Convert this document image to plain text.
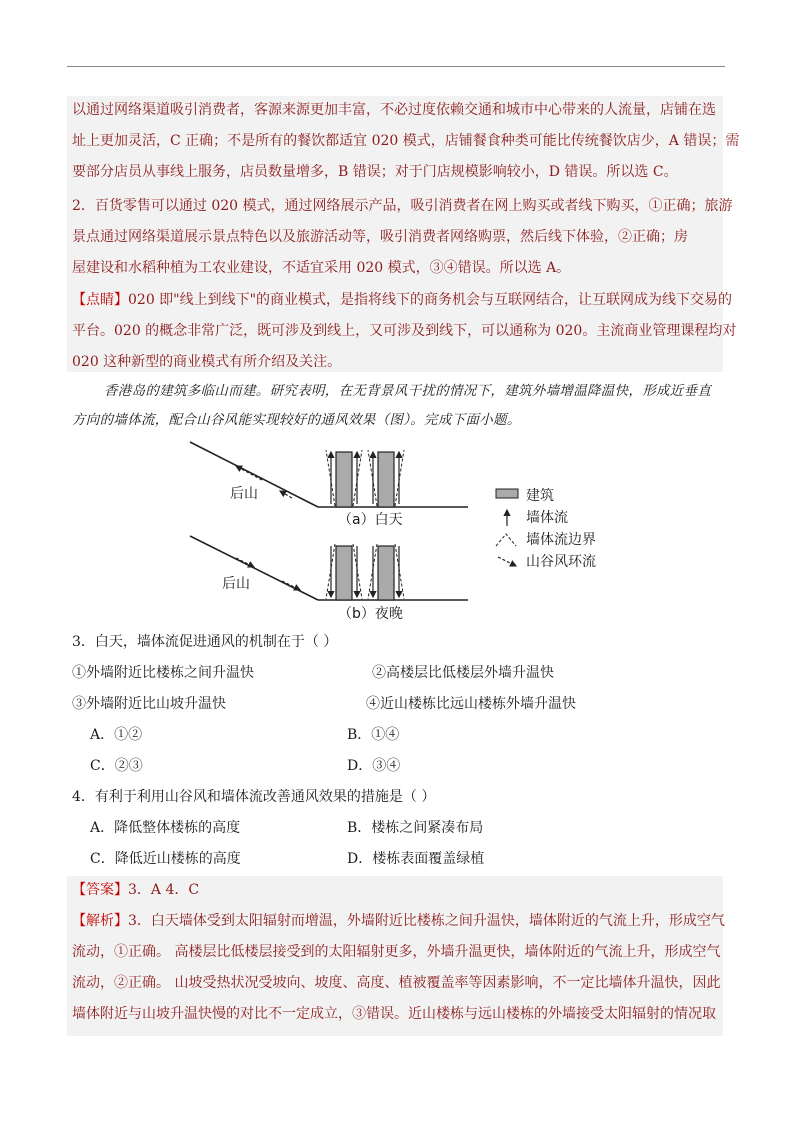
以通过网络渠道吸引消费者，客源来源更加丰富，不必过度依赖交通和城市中心带来的人流量，店铺在选
址上更加灵活，C 正确；不是所有的餐饮都适宜 020 模式，店铺餐食种类可能比传统餐饮店少，A 错误；需
要部分店员从事线上服务，店员数量增多，B 错误；对于门店规模影响较小，D 错误。所以选 C。
2．百货零售可以通过 020 模式，通过网络展示产品，吸引消费者在网上购买或者线下购买，①正确；旅游
景点通过网络渠道展示景点特色以及旅游活动等，吸引消费者网络购票，然后线下体验，②正确；房
屋建设和水稻种植为工农业建设，不适宜采用 020 模式，③④错误。所以选 A。
【点睛】020 即"线上到线下"的商业模式，是指将线下的商务机会与互联网结合，让互联网成为线下交易的
平台。020 的概念非常广泛，既可涉及到线上，又可涉及到线下，可以通称为 020。主流商业管理课程均对
020 这种新型的商业模式有所介绍及关注。
香港岛的建筑多临山而建。研究表明，在无背景风干扰的情况下，建筑外墙增温降温快，形成近垂直
方向的墙体流，配合山谷风能实现较好的通风效果（图）。完成下面小题。
后山
（a）白天
后山
（b）夜晚
建筑
墙体流
墙体流边界
山谷风环流
3．白天，墙体流促进通风的机制在于（ ）
①外墙附近比楼栋之间升温快	②高楼层比低楼层外墙升温快
③外墙附近比山坡升温快	④近山楼栋比远山楼栋外墙升温快
A．①②	B．①④
C．②③	D．③④
4．有利于利用山谷风和墙体流改善通风效果的措施是（ ）
A．降低整体楼栋的高度	B．楼栋之间紧凑布局
C．降低近山楼栋的高度	D．楼栋表面覆盖绿植
【答案】3．A 4．C
【解析】3．白天墙体受到太阳辐射而增温，外墙附近比楼栋之间升温快，墙体附近的气流上升，形成空气
流动，①正确。 高楼层比低楼层接受到的太阳辐射更多，外墙升温更快，墙体附近的气流上升，形成空气
流动，②正确。 山坡受热状况受坡向、坡度、高度、植被覆盖率等因素影响，不一定比墙体升温快，因此
墙体附近与山坡升温快慢的对比不一定成立，③错误。近山楼栋与远山楼栋的外墙接受太阳辐射的情况取
